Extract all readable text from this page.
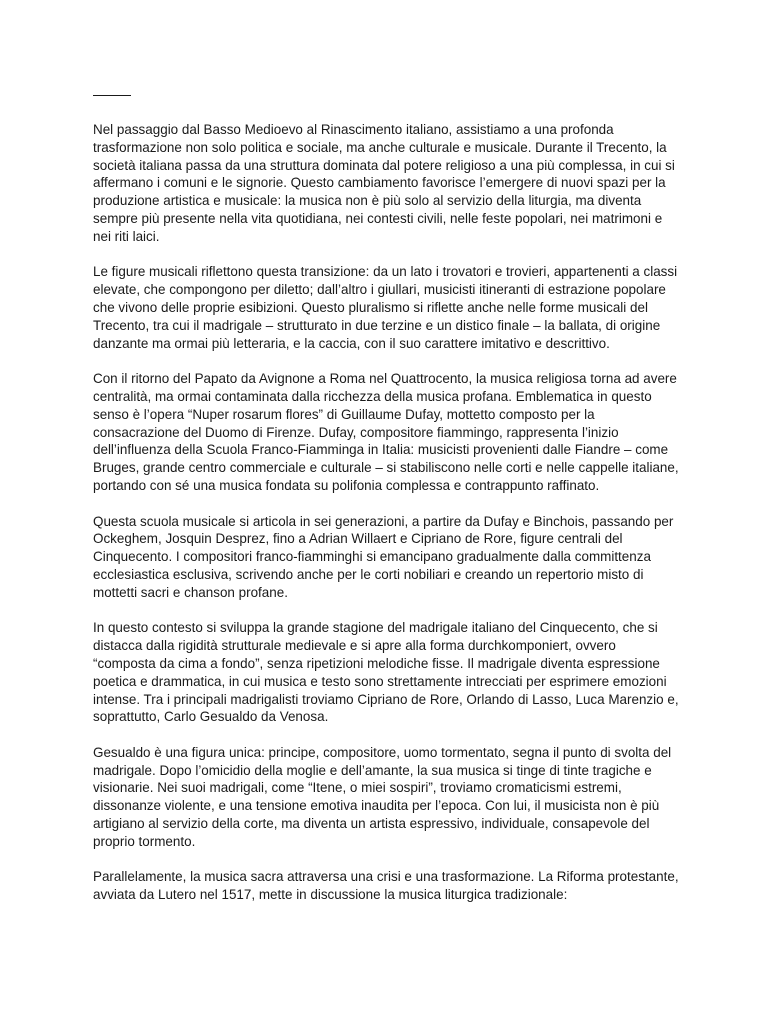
Nel passaggio dal Basso Medioevo al Rinascimento italiano, assistiamo a una profonda trasformazione non solo politica e sociale, ma anche culturale e musicale. Durante il Trecento, la società italiana passa da una struttura dominata dal potere religioso a una più complessa, in cui si affermano i comuni e le signorie. Questo cambiamento favorisce l’emergere di nuovi spazi per la produzione artistica e musicale: la musica non è più solo al servizio della liturgia, ma diventa sempre più presente nella vita quotidiana, nei contesti civili, nelle feste popolari, nei matrimoni e nei riti laici.

Le figure musicali riflettono questa transizione: da un lato i trovatori e trovieri, appartenenti a classi elevate, che compongono per diletto; dall’altro i giullari, musicisti itineranti di estrazione popolare che vivono delle proprie esibizioni. Questo pluralismo si riflette anche nelle forme musicali del Trecento, tra cui il madrigale – strutturato in due terzine e un distico finale – la ballata, di origine danzante ma ormai più letteraria, e la caccia, con il suo carattere imitativo e descrittivo.

Con il ritorno del Papato da Avignone a Roma nel Quattrocento, la musica religiosa torna ad avere centralità, ma ormai contaminata dalla ricchezza della musica profana. Emblematica in questo senso è l’opera “Nuper rosarum flores” di Guillaume Dufay, mottetto composto per la consacrazione del Duomo di Firenze. Dufay, compositore fiammingo, rappresenta l’inizio dell’influenza della Scuola Franco-Fiamminga in Italia: musicisti provenienti dalle Fiandre – come Bruges, grande centro commerciale e culturale – si stabiliscono nelle corti e nelle cappelle italiane, portando con sé una musica fondata su polifonia complessa e contrappunto raffinato.

Questa scuola musicale si articola in sei generazioni, a partire da Dufay e Binchois, passando per Ockeghem, Josquin Desprez, fino a Adrian Willaert e Cipriano de Rore, figure centrali del Cinquecento. I compositori franco-fiamminghi si emancipano gradualmente dalla committenza ecclesiastica esclusiva, scrivendo anche per le corti nobiliari e creando un repertorio misto di mottetti sacri e chanson profane.

In questo contesto si sviluppa la grande stagione del madrigale italiano del Cinquecento, che si distacca dalla rigidità strutturale medievale e si apre alla forma durchkomponiert, ovvero “composta da cima a fondo”, senza ripetizioni melodiche fisse. Il madrigale diventa espressione poetica e drammatica, in cui musica e testo sono strettamente intrecciati per esprimere emozioni intense. Tra i principali madrigalisti troviamo Cipriano de Rore, Orlando di Lasso, Luca Marenzio e, soprattutto, Carlo Gesualdo da Venosa.

Gesualdo è una figura unica: principe, compositore, uomo tormentato, segna il punto di svolta del madrigale. Dopo l’omicidio della moglie e dell’amante, la sua musica si tinge di tinte tragiche e visionarie. Nei suoi madrigali, come “Itene, o miei sospiri”, troviamo cromaticismi estremi, dissonanze violente, e una tensione emotiva inaudita per l’epoca. Con lui, il musicista non è più artigiano al servizio della corte, ma diventa un artista espressivo, individuale, consapevole del proprio tormento.

Parallelamente, la musica sacra attraversa una crisi e una trasformazione. La Riforma protestante, avviata da Lutero nel 1517, mette in discussione la musica liturgica tradizionale:
